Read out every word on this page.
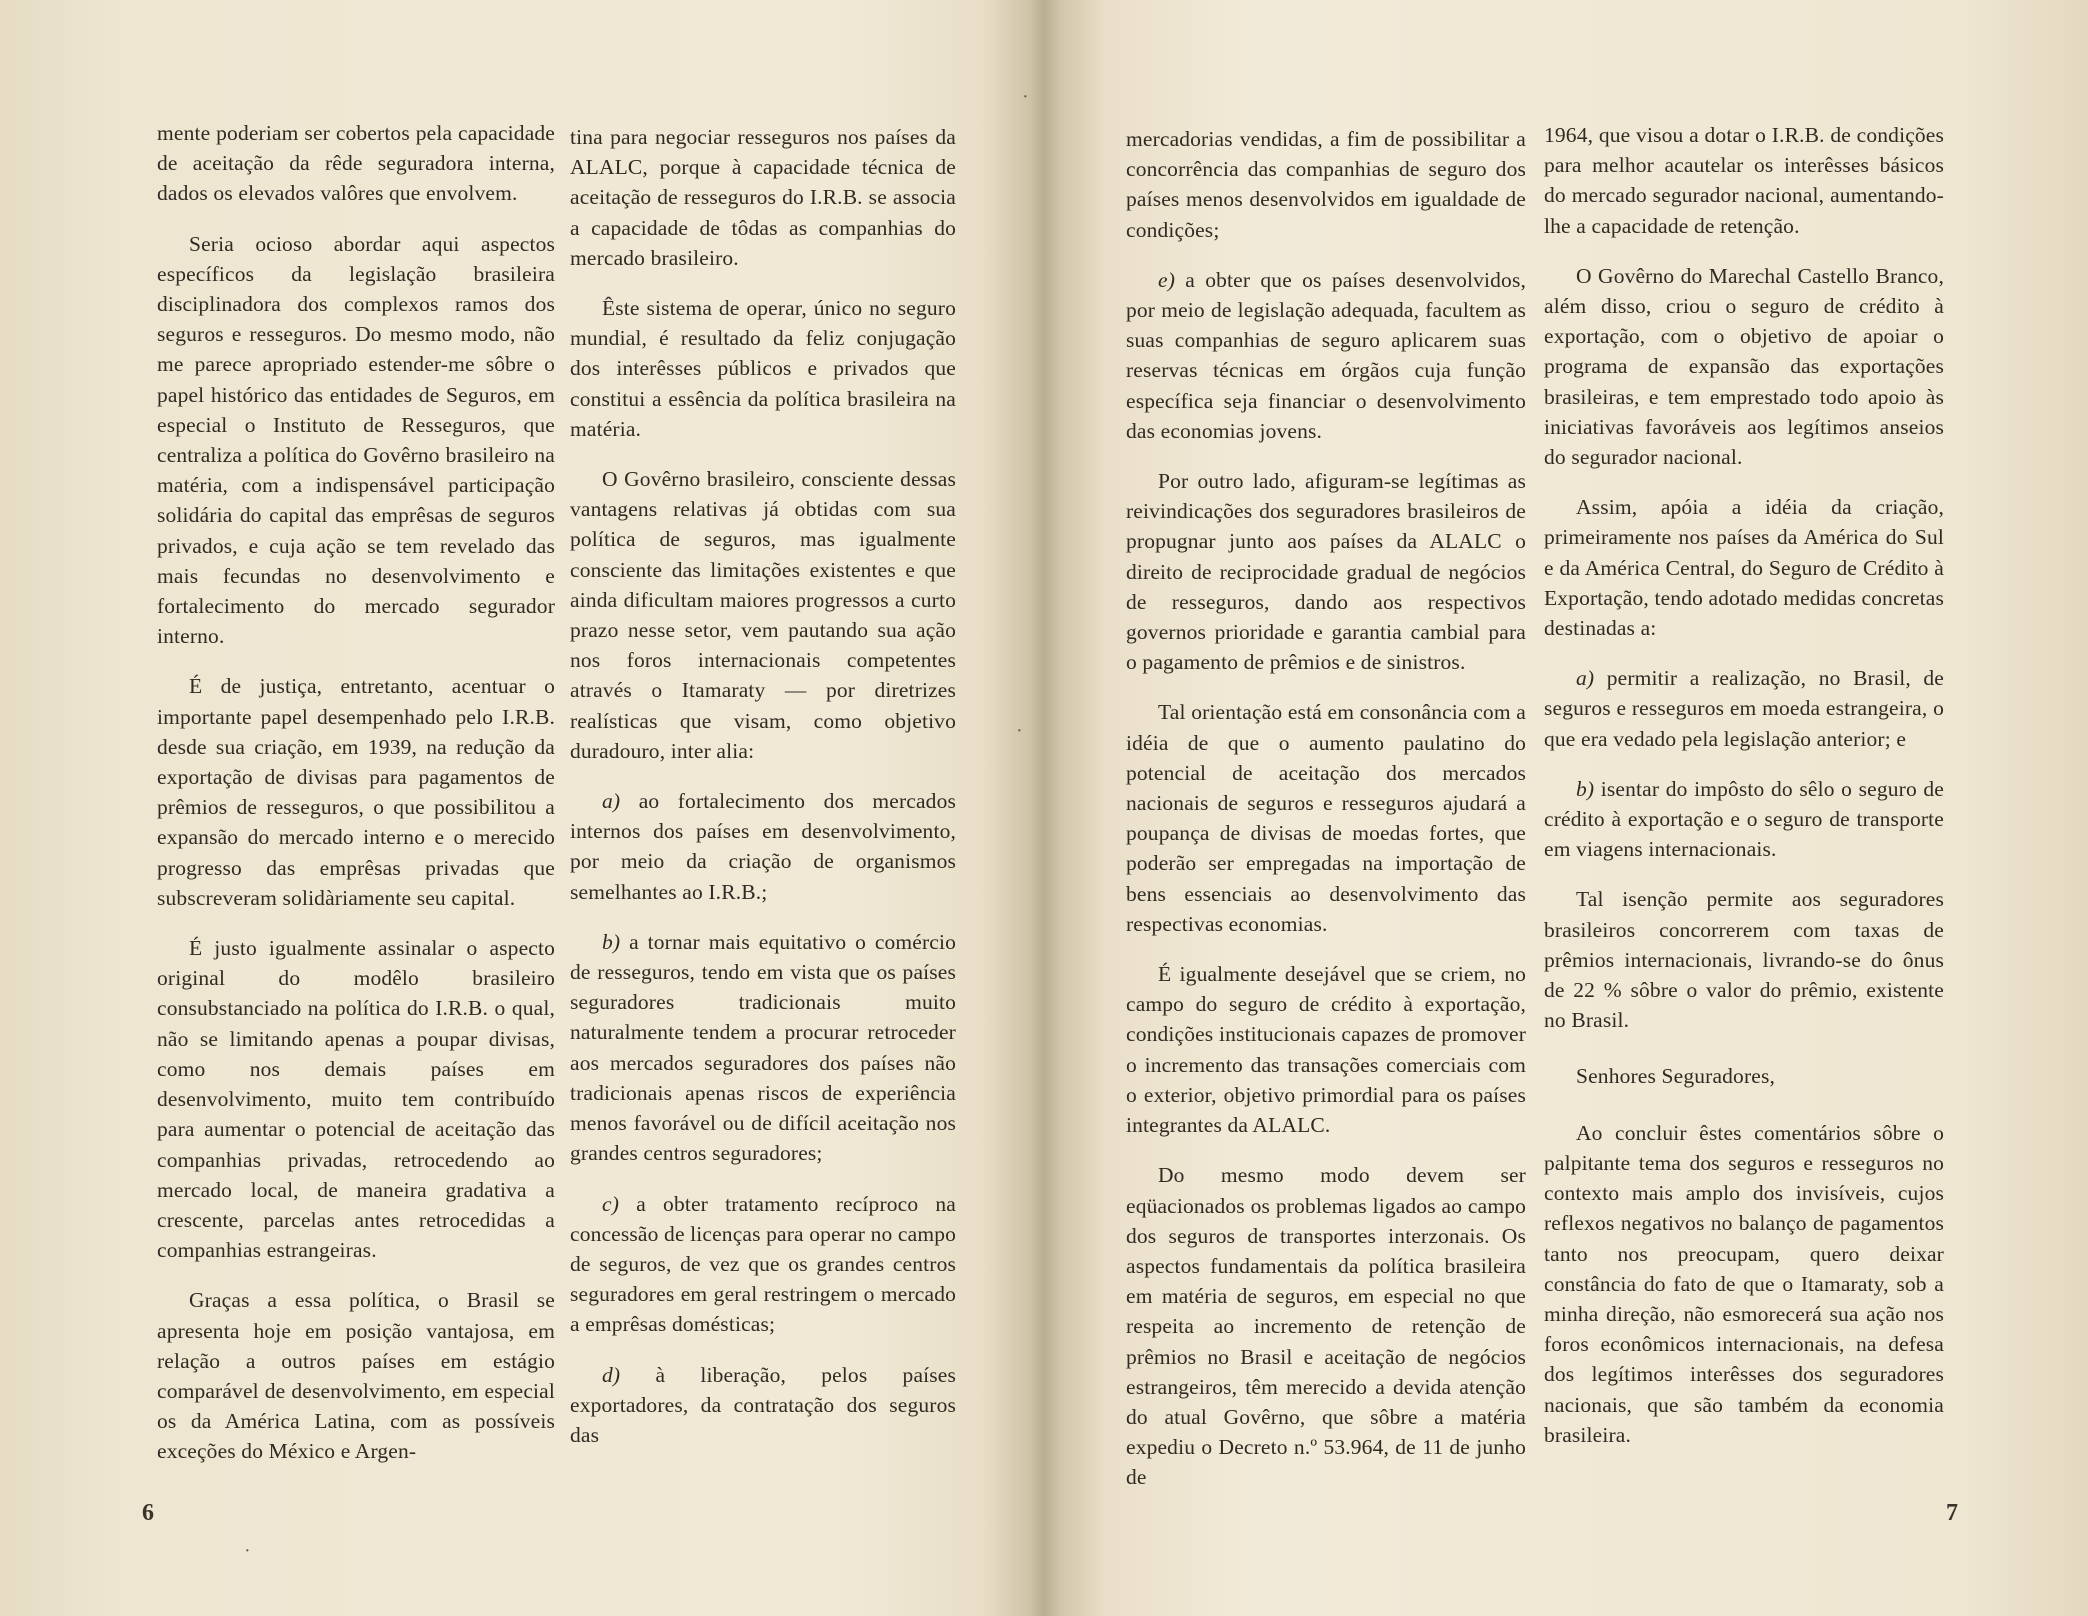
mente poderiam ser cobertos pela capacidade de aceitação da rêde seguradora interna, dados os elevados valôres que envolvem.

Seria ocioso abordar aqui aspectos específicos da legislação brasileira disciplinadora dos complexos ramos dos seguros e resseguros. Do mesmo modo, não me parece apropriado estender-me sôbre o papel histórico das entidades de Seguros, em especial o Instituto de Resseguros, que centraliza a política do Govêrno brasileiro na matéria, com a indispensável participação solidária do capital das emprêsas de seguros privados, e cuja ação se tem revelado das mais fecundas no desenvolvimento e fortalecimento do mercado segurador interno.

É de justiça, entretanto, acentuar o importante papel desempenhado pelo I.R.B. desde sua criação, em 1939, na redução da exportação de divisas para pagamentos de prêmios de resseguros, o que possibilitou a expansão do mercado interno e o merecido progresso das emprêsas privadas que subscreveram solidàriamente seu capital.

É justo igualmente assinalar o aspecto original do modêlo brasileiro consubstanciado na política do I.R.B. o qual, não se limitando apenas a poupar divisas, como nos demais países em desenvolvimento, muito tem contribuído para aumentar o potencial de aceitação das companhias privadas, retrocedendo ao mercado local, de maneira gradativa a crescente, parcelas antes retrocedidas a companhias estrangeiras.

Graças a essa política, o Brasil se apresenta hoje em posição vantajosa, em relação a outros países em estágio comparável de desenvolvimento, em especial os da América Latina, com as possíveis exceções do México e Argen-

tina para negociar resseguros nos países da ALALC, porque à capacidade técnica de aceitação de resseguros do I.R.B. se associa a capacidade de tôdas as companhias do mercado brasileiro.

Êste sistema de operar, único no seguro mundial, é resultado da feliz conjugação dos interêsses públicos e privados que constitui a essência da política brasileira na matéria.

O Govêrno brasileiro, consciente dessas vantagens relativas já obtidas com sua política de seguros, mas igualmente consciente das limitações existentes e que ainda dificultam maiores progressos a curto prazo nesse setor, vem pautando sua ação nos foros internacionais competentes através o Itamaraty — por diretrizes realísticas que visam, como objetivo duradouro, inter alia:

a) ao fortalecimento dos mercados internos dos países em desenvolvimento, por meio da criação de organismos semelhantes ao I.R.B.;

b) a tornar mais equitativo o comércio de resseguros, tendo em vista que os países seguradores tradicionais muito naturalmente tendem a procurar retroceder aos mercados seguradores dos países não tradicionais apenas riscos de experiência menos favorável ou de difícil aceitação nos grandes centros seguradores;

c) a obter tratamento recíproco na concessão de licenças para operar no campo de seguros, de vez que os grandes centros seguradores em geral restringem o mercado a emprêsas domésticas;

d) à liberação, pelos países exportadores, da contratação dos seguros das

6

mercadorias vendidas, a fim de possibilitar a concorrência das companhias de seguro dos países menos desenvolvidos em igualdade de condições;

e) a obter que os países desenvolvidos, por meio de legislação adequada, facultem as suas companhias de seguro aplicarem suas reservas técnicas em órgãos cuja função específica seja financiar o desenvolvimento das economias jovens.

Por outro lado, afiguram-se legítimas as reivindicações dos seguradores brasileiros de propugnar junto aos países da ALALC o direito de reciprocidade gradual de negócios de resseguros, dando aos respectivos governos prioridade e garantia cambial para o pagamento de prêmios e de sinistros.

Tal orientação está em consonância com a idéia de que o aumento paulatino do potencial de aceitação dos mercados nacionais de seguros e resseguros ajudará a poupança de divisas de moedas fortes, que poderão ser empregadas na importação de bens essenciais ao desenvolvimento das respectivas economias.

É igualmente desejável que se criem, no campo do seguro de crédito à exportação, condições institucionais capazes de promover o incremento das transações comerciais com o exterior, objetivo primordial para os países integrantes da ALALC.

Do mesmo modo devem ser eqüacionados os problemas ligados ao campo dos seguros de transportes interzonais. Os aspectos fundamentais da política brasileira em matéria de seguros, em especial no que respeita ao incremento de retenção de prêmios no Brasil e aceitação de negócios estrangeiros, têm merecido a devida atenção do atual Govêrno, que sôbre a matéria expediu o Decreto n.º 53.964, de 11 de junho de

1964, que visou a dotar o I.R.B. de condições para melhor acautelar os interêsses básicos do mercado segurador nacional, aumentando-lhe a capacidade de retenção.

O Govêrno do Marechal Castello Branco, além disso, criou o seguro de crédito à exportação, com o objetivo de apoiar o programa de expansão das exportações brasileiras, e tem emprestado todo apoio às iniciativas favoráveis aos legítimos anseios do segurador nacional.

Assim, apóia a idéia da criação, primeiramente nos países da América do Sul e da América Central, do Seguro de Crédito à Exportação, tendo adotado medidas concretas destinadas a:

a) permitir a realização, no Brasil, de seguros e resseguros em moeda estrangeira, o que era vedado pela legislação anterior; e

b) isentar do impôsto do sêlo o seguro de crédito à exportação e o seguro de transporte em viagens internacionais.

Tal isenção permite aos seguradores brasileiros concorrerem com taxas de prêmios internacionais, livrando-se do ônus de 22 % sôbre o valor do prêmio, existente no Brasil.

Senhores Seguradores,

Ao concluir êstes comentários sôbre o palpitante tema dos seguros e resseguros no contexto mais amplo dos invisíveis, cujos reflexos negativos no balanço de pagamentos tanto nos preocupam, quero deixar constância do fato de que o Itamaraty, sob a minha direção, não esmorecerá sua ação nos foros econômicos internacionais, na defesa dos legítimos interêsses dos seguradores nacionais, que são também da economia brasileira.

7
·
·
·
